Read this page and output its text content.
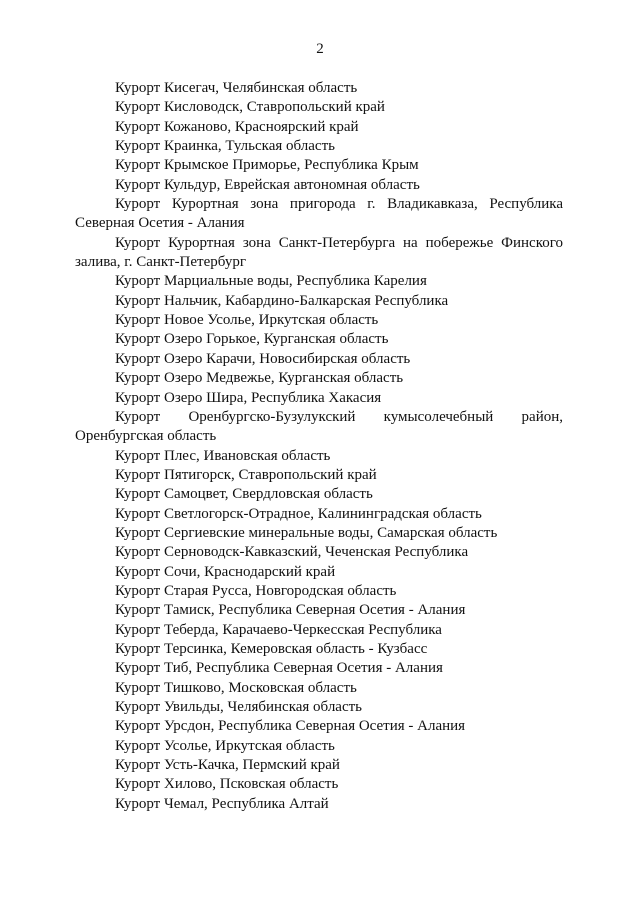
2
Курорт Кисегач, Челябинская область
Курорт Кисловодск, Ставропольский край
Курорт Кожаново, Красноярский край
Курорт Краинка, Тульская область
Курорт Крымское Приморье, Республика Крым
Курорт Кульдур, Еврейская автономная область
Курорт Курортная зона пригорода г. Владикавказа, Республика Северная Осетия - Алания
Курорт Курортная зона Санкт-Петербурга на побережье Финского залива, г. Санкт-Петербург
Курорт Марциальные воды, Республика Карелия
Курорт Нальчик, Кабардино-Балкарская Республика
Курорт Новое Усолье, Иркутская область
Курорт Озеро Горькое, Курганская область
Курорт Озеро Карачи, Новосибирская область
Курорт Озеро Медвежье, Курганская область
Курорт Озеро Шира, Республика Хакасия
Курорт Оренбургско-Бузулукский кумысолечебный район, Оренбургская область
Курорт Плес, Ивановская область
Курорт Пятигорск, Ставропольский край
Курорт Самоцвет, Свердловская область
Курорт Светлогорск-Отрадное, Калининградская область
Курорт Сергиевские минеральные воды, Самарская область
Курорт Серноводск-Кавказский, Чеченская Республика
Курорт Сочи, Краснодарский край
Курорт Старая Русса, Новгородская область
Курорт Тамиск, Республика Северная Осетия - Алания
Курорт Теберда, Карачаево-Черкесская Республика
Курорт Терсинка, Кемеровская область - Кузбасс
Курорт Тиб, Республика Северная Осетия - Алания
Курорт Тишково, Московская область
Курорт Увильды, Челябинская область
Курорт Урсдон, Республика Северная Осетия - Алания
Курорт Усолье, Иркутская область
Курорт Усть-Качка, Пермский край
Курорт Хилово, Псковская область
Курорт Чемал, Республика Алтай
